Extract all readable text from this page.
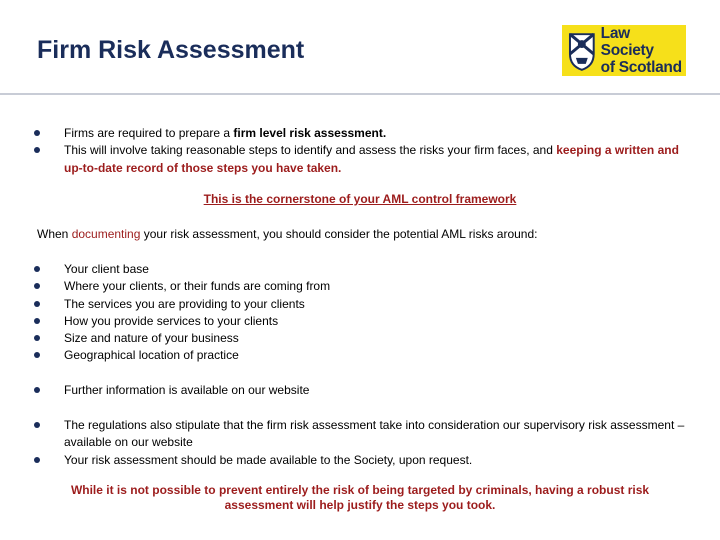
Firm Risk Assessment
Law Society
of Scotland
Firms are required to prepare a firm level risk assessment.
This will involve taking reasonable steps to identify and assess the risks your firm faces, and keeping a written and up-to-date record of those steps you have taken.
This is the cornerstone of your AML control framework
When documenting your risk assessment, you should consider the potential AML risks around:
Your client base
Where your clients, or their funds are coming from
The services you are providing to your clients
How you provide services to your clients
Size and nature of your business
Geographical location of practice
Further information is available on our website
The regulations also stipulate that the firm risk assessment take into consideration our supervisory risk assessment – available on our website
Your risk assessment should be made available to the Society, upon request.
While it is not possible to prevent entirely the risk of being targeted by criminals, having a robust risk assessment will help justify the steps you took.
